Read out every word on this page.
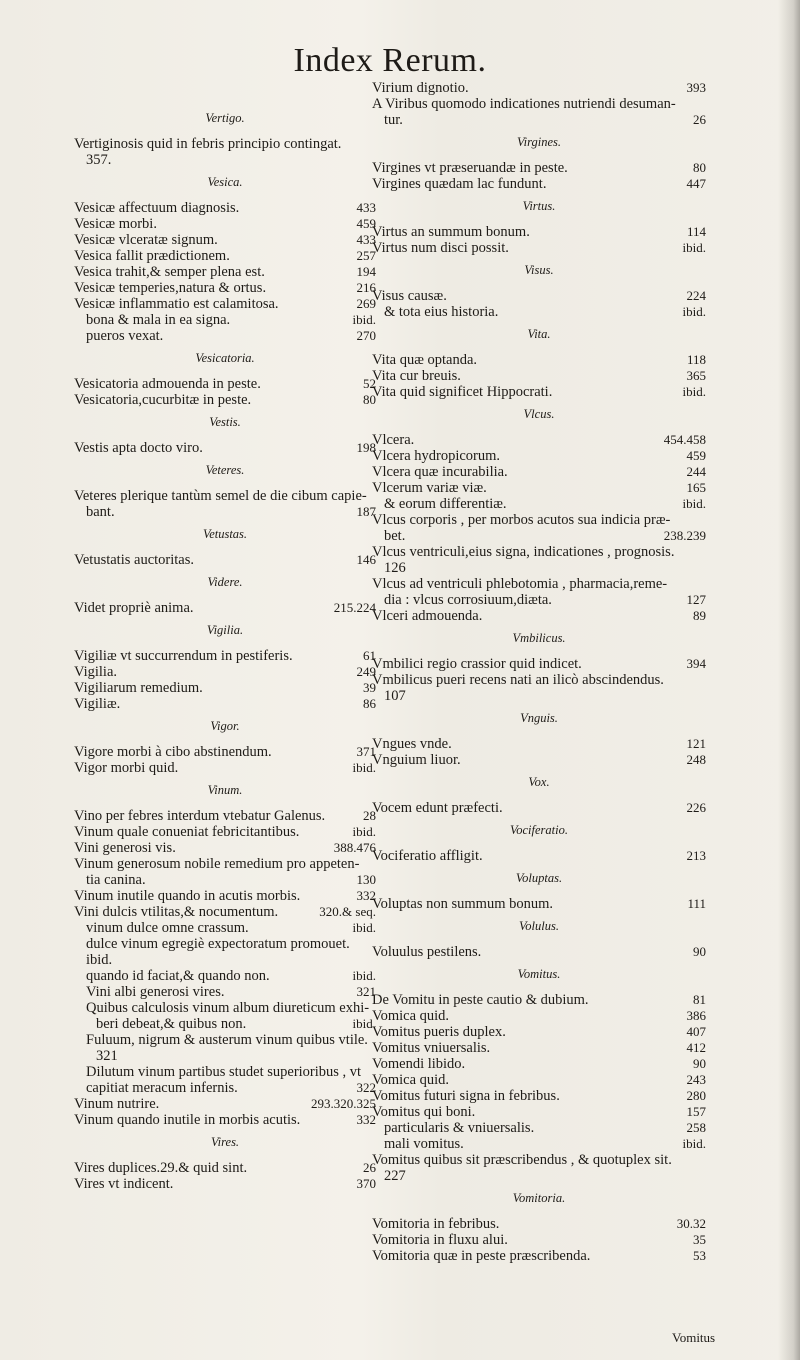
Index Rerum.
Vertigo.
Vertiginosis quid in febris principio contingat.
357.
Vesica.
Vesicæ affectuum diagnosis.	433
Vesicæ morbi.	459
Vesicæ vlceratæ signum.	433
Vesica fallit prædictionem.	257
Vesica trahit,& semper plena est.	194
Vesicæ temperies,natura & ortus.	216
Vesicæ inflammatio est calamitosa.	269
bona & mala in ea signa.	ibid.
pueros vexat.	270
Vesicatoria.
Vesicatoria admouenda in peste.	52
Vesicatoria,cucurbitæ in peste.	80
Vestis.
Vestis apta docto viro.	198
Veteres.
Veteres plerique tantùm semel de die cibum capie-
bant.	187
Vetustas.
Vetustatis auctoritas.	146
Videre.
Videt propriè anima.	215.224
Vigilia.
Vigiliæ vt succurrendum in pestiferis.	61
Vigilia.	249
Vigiliarum remedium.	39
Vigiliæ.	86
Vigor.
Vigore morbi à cibo abstinendum.	371
Vigor morbi quid.	ibid.
Vinum.
Vino per febres interdum vtebatur Galenus.	28
Vinum quale conueniat febricitantibus.	ibid.
Vini generosi vis.	388.476
Vinum generosum nobile remedium pro appeten-
tia canina.	130
Vinum inutile quando in acutis morbis.	332
Vini dulcis vtilitas,& nocumentum.	320.& seq.
vinum dulce omne crassum.	ibid.
dulce vinum egregiè expectoratum promouet.
ibid.
quando id faciat,& quando non.	ibid.
Vini albi generosi vires.	321
Quibus calculosis vinum album diureticum exhi-
beri debeat,& quibus non.	ibid.
Fuluum, nigrum & austerum vinum quibus vtile.
321
Dilutum vinum partibus studet superioribus , vt
capitiat meracum infernis.	322
Vinum nutrire.	293.320.325
Vinum quando inutile in morbis acutis.	332
Vires.
Vires duplices.29.& quid sint.	26
Vires vt indicent.	370
Virium dignotio.	393
A Viribus quomodo indicationes nutriendi desuman-
tur.	26
Virgines.
Virgines vt præseruandæ in peste.	80
Virgines quædam lac fundunt.	447
Virtus.
Virtus an summum bonum.	114
Virtus num disci possit.	ibid.
Visus.
Visus causæ.	224
& tota eius historia.	ibid.
Vita.
Vita quæ optanda.	118
Vita cur breuis.	365
Vita quid significet Hippocrati.	ibid.
Vlcus.
Vlcera.	454.458
Vlcera hydropicorum.	459
Vlcera quæ incurabilia.	244
Vlcerum variæ viæ.	165
& eorum differentiæ.	ibid.
Vlcus corporis , per morbos acutos sua indicia præ-
bet.	238.239
Vlcus ventriculi,eius signa, indicationes , prognosis.
126
Vlcus ad ventriculi phlebotomia , pharmacia,reme-
dia : vlcus corrosiuum,diæta.	127
Vlceri admouenda.	89
Vmbilicus.
Vmbilici regio crassior quid indicet.	394
Vmbilicus pueri recens nati an ilicò abscindendus.
107
Vnguis.
Vngues vnde.	121
Vnguium liuor.	248
Vox.
Vocem edunt præfecti.	226
Vociferatio.
Vociferatio affligit.	213
Voluptas.
Voluptas non summum bonum.	111
Volulus.
Voluulus pestilens.	90
Vomitus.
De Vomitu in peste cautio & dubium.	81
Vomica quid.	386
Vomitus pueris duplex.	407
Vomitus vniuersalis.	412
Vomendi libido.	90
Vomica quid.	243
Vomitus futuri signa in febribus.	280
Vomitus qui boni.	157
particularis & vniuersalis.	258
mali vomitus.	ibid.
Vomitus quibus sit præscribendus , & quotuplex sit.
227
Vomitoria.
Vomitoria in febribus.	30.32
Vomitoria in fluxu alui.	35
Vomitoria quæ in peste præscribenda.	53
Vomitus
